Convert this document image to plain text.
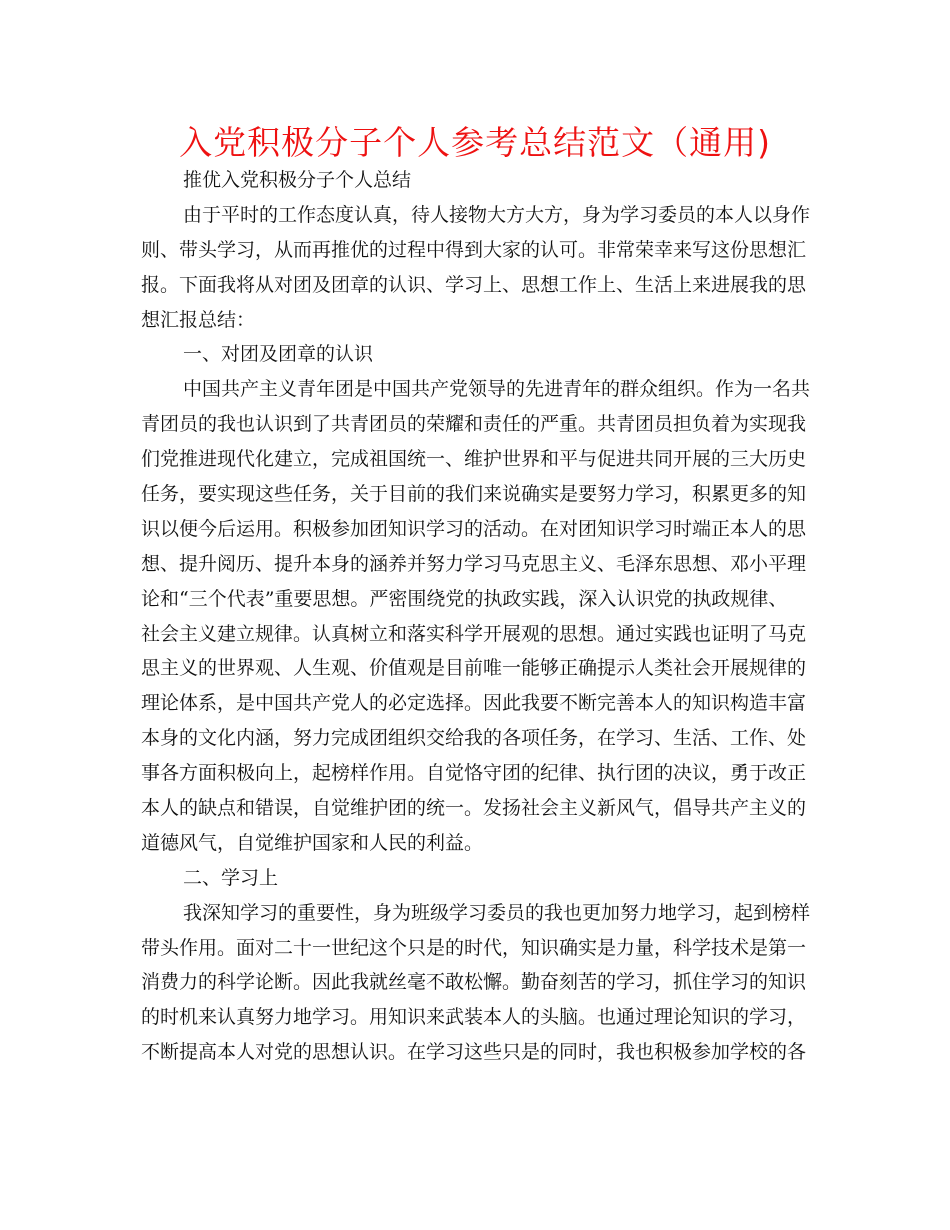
入党积极分子个人参考总结范文（通用)
推优入党积极分子个人总结
由于平时的工作态度认真，待人接物大方大方，身为学习委员的本人以身作
则、带头学习，从而再推优的过程中得到大家的认可。非常荣幸来写这份思想汇
报。下面我将从对团及团章的认识、学习上、思想工作上、生活上来进展我的思
想汇报总结：
一、对团及团章的认识
中国共产主义青年团是中国共产党领导的先进青年的群众组织。作为一名共
青团员的我也认识到了共青团员的荣耀和责任的严重。共青团员担负着为实现我
们党推进现代化建立，完成祖国统一、维护世界和平与促进共同开展的三大历史
任务，要实现这些任务，关于目前的我们来说确实是要努力学习，积累更多的知
识以便今后运用。积极参加团知识学习的活动。在对团知识学习时端正本人的思
想、提升阅历、提升本身的涵养并努力学习马克思主义、毛泽东思想、邓小平理
论和“三个代表”重要思想。严密围绕党的执政实践，深入认识党的执政规律、
社会主义建立规律。认真树立和落实科学开展观的思想。通过实践也证明了马克
思主义的世界观、人生观、价值观是目前唯一能够正确提示人类社会开展规律的
理论体系，是中国共产党人的必定选择。因此我要不断完善本人的知识构造丰富
本身的文化内涵，努力完成团组织交给我的各项任务，在学习、生活、工作、处
事各方面积极向上，起榜样作用。自觉恪守团的纪律、执行团的决议，勇于改正
本人的缺点和错误，自觉维护团的统一。发扬社会主义新风气，倡导共产主义的
道德风气，自觉维护国家和人民的利益。
二、学习上
我深知学习的重要性，身为班级学习委员的我也更加努力地学习，起到榜样
带头作用。面对二十一世纪这个只是的时代，知识确实是力量，科学技术是第一
消费力的科学论断。因此我就丝毫不敢松懈。勤奋刻苦的学习，抓住学习的知识
的时机来认真努力地学习。用知识来武装本人的头脑。也通过理论知识的学习，
不断提高本人对党的思想认识。在学习这些只是的同时，我也积极参加学校的各
